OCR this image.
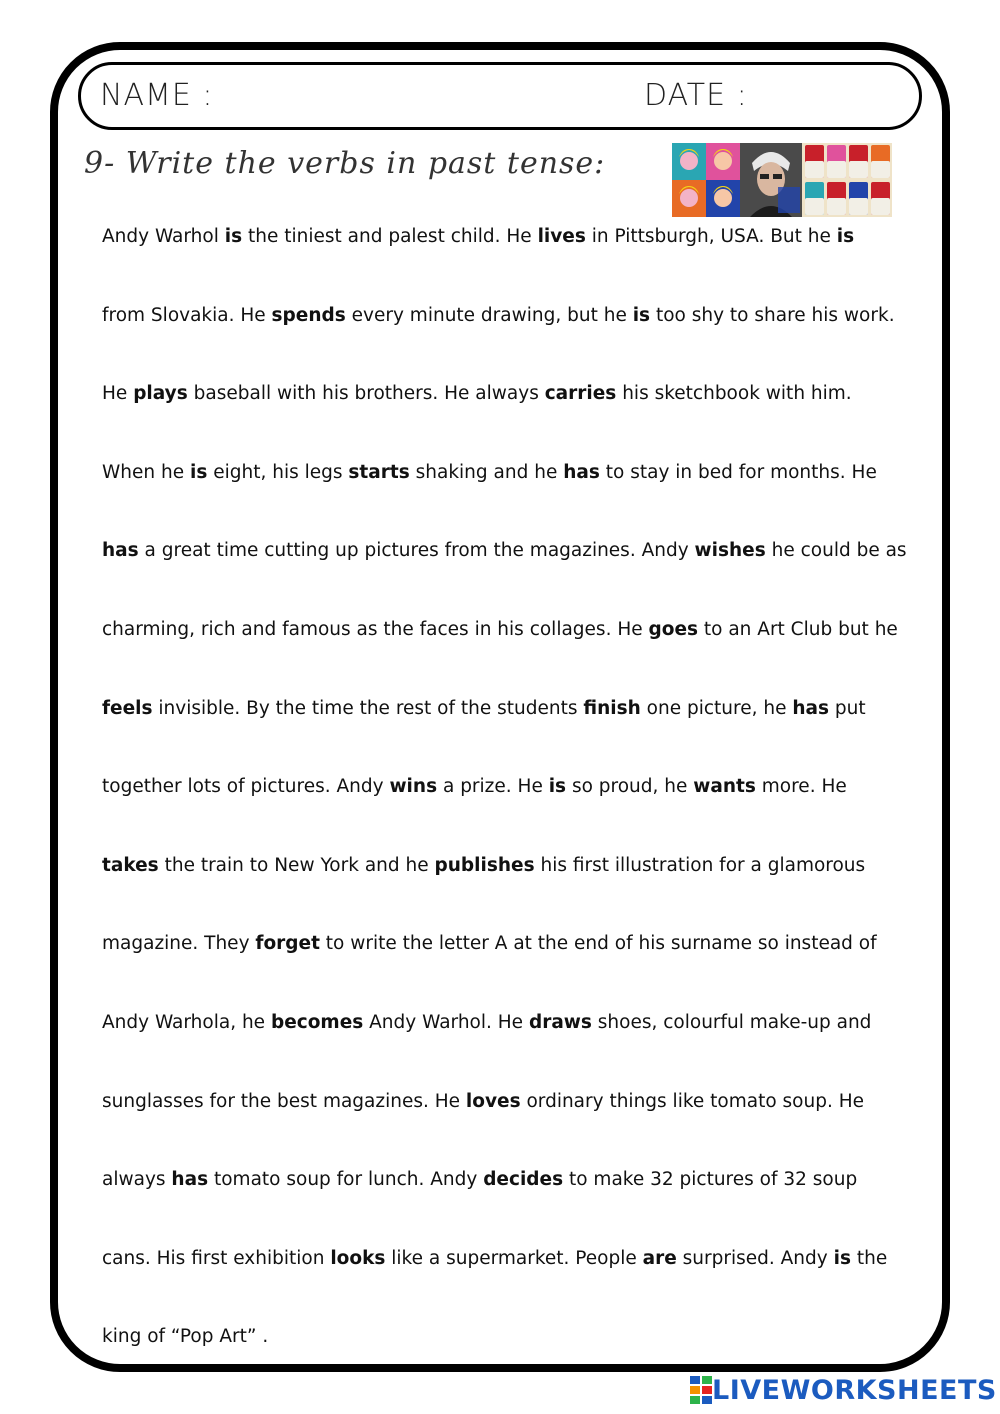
NAME :	DATE :
9- Write the verbs in past tense:
Andy Warhol is the tiniest and palest child. He lives in Pittsburgh, USA. But he is
from Slovakia. He spends every minute drawing, but he is too shy to share his work.
He plays baseball with his brothers. He always carries his sketchbook with him.
When he is eight, his legs starts shaking and he has to stay in bed for months. He
has a great time cutting up pictures from the magazines. Andy wishes he could be as
charming, rich and famous as the faces in his collages. He goes to an Art Club but he
feels invisible. By the time the rest of the students finish one picture, he has put
together lots of pictures. Andy wins a prize. He is so proud, he wants more. He
takes the train to New York and he publishes his first illustration for a glamorous
magazine. They forget to write the letter A at the end of his surname so instead of
Andy Warhola, he becomes Andy Warhol. He draws shoes, colourful make-up and
sunglasses for the best magazines. He loves ordinary things like tomato soup. He
always has tomato soup for lunch. Andy decides to make 32 pictures of 32 soup
cans. His first exhibition looks like a supermarket. People are surprised. Andy is the
king of “Pop Art” .
LIVEWORKSHEETS
